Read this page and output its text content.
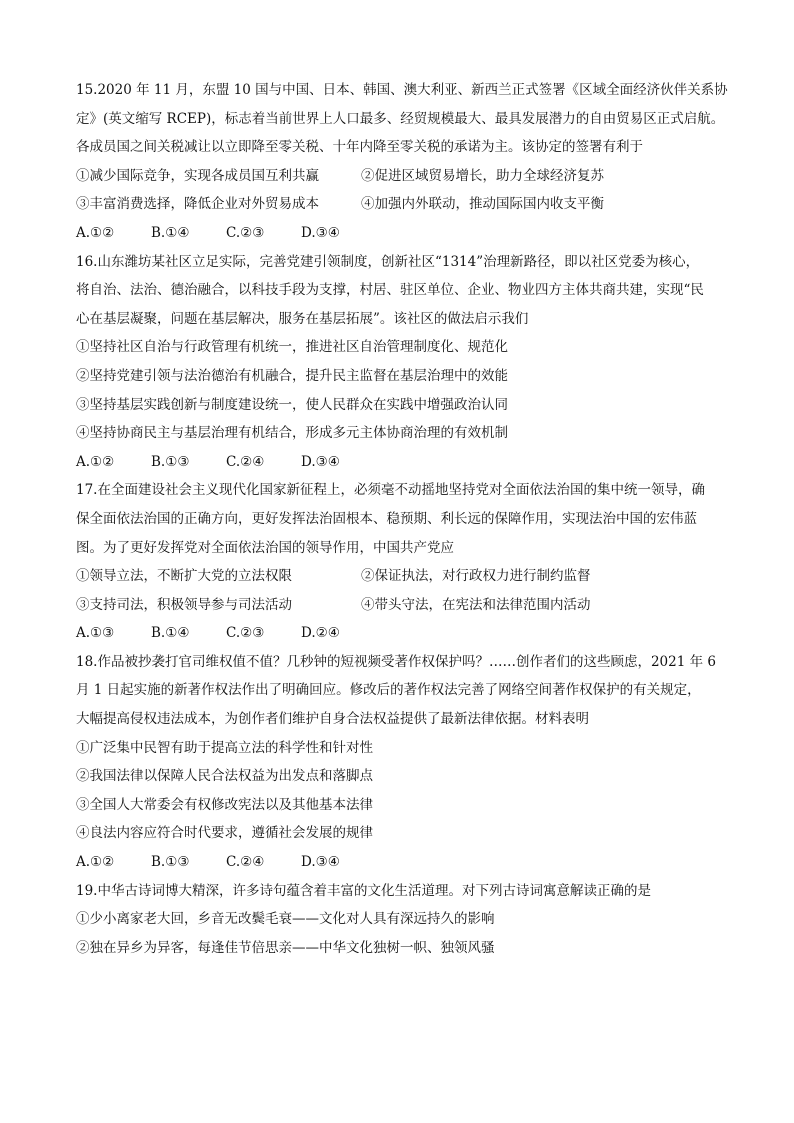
15.2020 年 11 月，东盟 10 国与中国、日本、韩国、澳大利亚、新西兰正式签署《区域全面经济伙伴关系协
定》(英文缩写 RCEP)，标志着当前世界上人口最多、经贸规模最大、最具发展潜力的自由贸易区正式启航。
各成员国之间关税减让以立即降至零关税、十年内降至零关税的承诺为主。该协定的签署有利于
①减少国际竞争，实现各成员国互利共赢	②促进区域贸易增长，助力全球经济复苏
③丰富消费选择，降低企业对外贸易成本	④加强内外联动，推动国际国内收支平衡
A.①②	B.①④	C.②③	D.③④
16.山东潍坊某社区立足实际，完善党建引领制度，创新社区“1314”治理新路径，即以社区党委为核心，
将自治、法治、德治融合，以科技手段为支撑，村居、驻区单位、企业、物业四方主体共商共建，实现“民
心在基层凝聚，问题在基层解决，服务在基层拓展”。该社区的做法启示我们
①坚持社区自治与行政管理有机统一，推进社区自治管理制度化、规范化
②坚持党建引领与法治德治有机融合，提升民主监督在基层治理中的效能
③坚持基层实践创新与制度建设统一，使人民群众在实践中增强政治认同
④坚持协商民主与基层治理有机结合，形成多元主体协商治理的有效机制
A.①②	B.①③	C.②④	D.③④
17.在全面建设社会主义现代化国家新征程上，必须毫不动摇地坚持党对全面依法治国的集中统一领导，确
保全面依法治国的正确方向，更好发挥法治固根本、稳预期、利长远的保障作用，实现法治中国的宏伟蓝
图。为了更好发挥党对全面依法治国的领导作用，中国共产党应
①领导立法，不断扩大党的立法权限	②保证执法，对行政权力进行制约监督
③支持司法，积极领导参与司法活动	④带头守法，在宪法和法律范围内活动
A.①③	B.①④	C.②③	D.②④
18.作品被抄袭打官司维权值不值？几秒钟的短视频受著作权保护吗？……创作者们的这些顾虑，2021 年 6
月 1 日起实施的新著作权法作出了明确回应。修改后的著作权法完善了网络空间著作权保护的有关规定，
大幅提高侵权违法成本，为创作者们维护自身合法权益提供了最新法律依据。材料表明
①广泛集中民智有助于提高立法的科学性和针对性
②我国法律以保障人民合法权益为出发点和落脚点
③全国人大常委会有权修改宪法以及其他基本法律
④良法内容应符合时代要求，遵循社会发展的规律
A.①②	B.①③	C.②④	D.③④
19.中华古诗词博大精深，许多诗句蕴含着丰富的文化生活道理。对下列古诗词寓意解读正确的是
①少小离家老大回，乡音无改鬓毛衰——文化对人具有深远持久的影响
②独在异乡为异客，每逢佳节倍思亲——中华文化独树一帜、独领风骚
